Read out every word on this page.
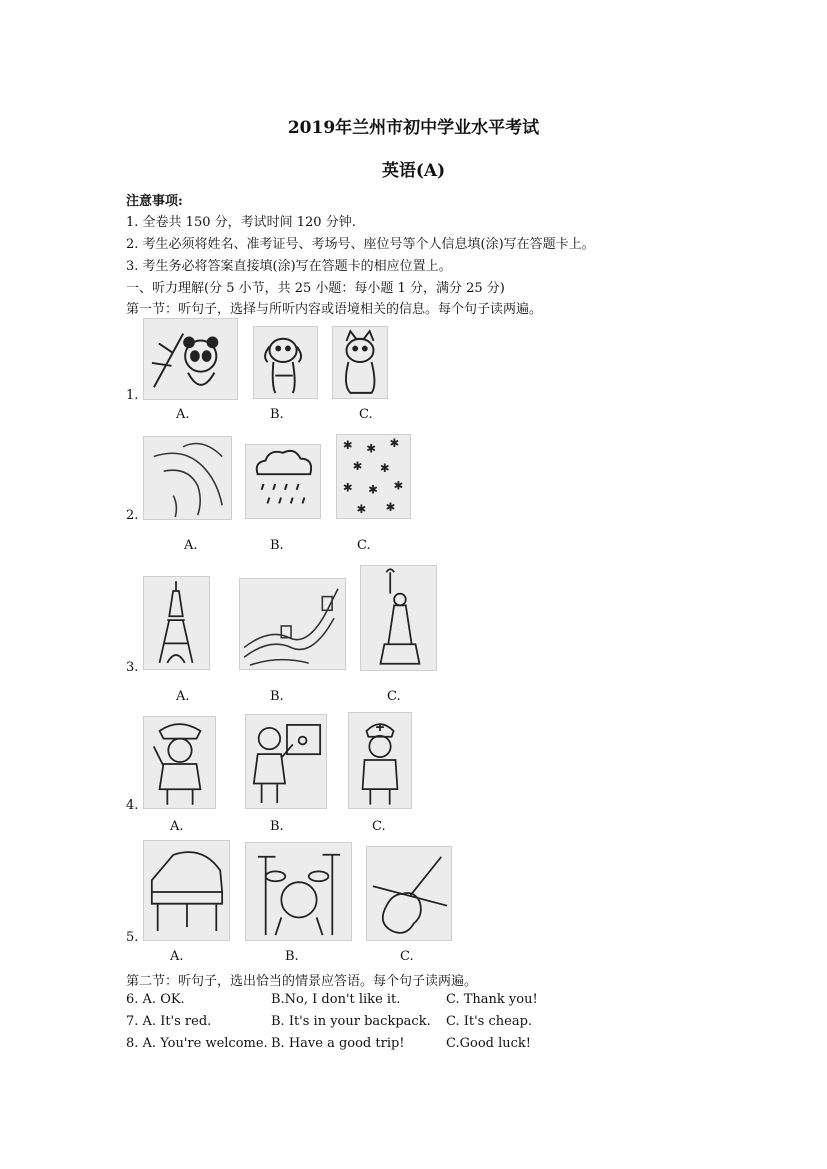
2019年兰州市初中学业水平考试
英语(A)
注意事项:
1. 全卷共 150 分，考试时间 120 分钟.
2. 考生必须将姓名、准考证号、考场号、座位号等个人信息填(涂)写在答题卡上。
3. 考生务必将答案直接填(涂)写在答题卡的相应位置上。
一、听力理解(分 5 小节，共 25 小题：每小题 1 分，满分 25 分)
第一节：听句子，选择与所听内容或语境相关的信息。每个句子读两遍。
1.
A.	B.	C.
2.
✱ ✱ ✱
✱ ✱
✱ ✱ ✱
✱ ✱
A.	B.	C.
3.
A.	B.	C.
4.
A.	B.	C.
5.
A.	B.	C.
第二节：听句子，选出恰当的情景应答语。每个句子读两遍。
6. A. OK.	B.No, I don't like it.	C. Thank you!
7. A. It's red.	B. It's in your backpack. C. It's cheap.
8. A. You're welcome. B. Have a good trip!	C.Good luck!
